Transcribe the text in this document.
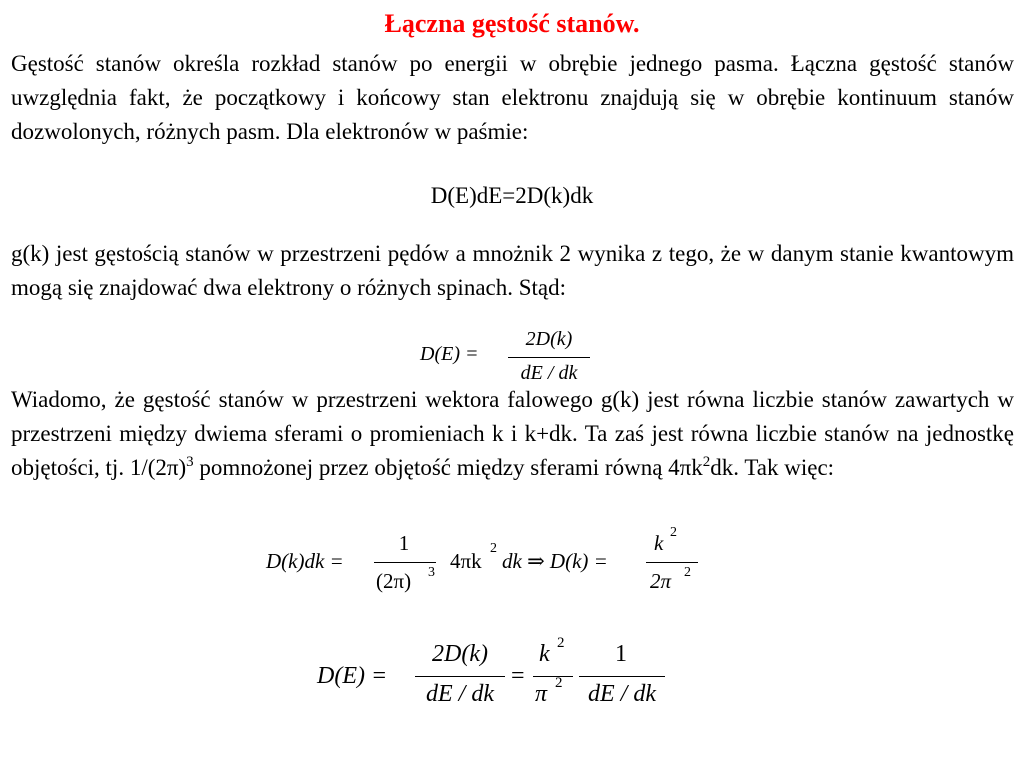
Łączna gęstość stanów.

Gęstość stanów określa rozkład stanów po energii w obrębie jednego pasma. Łączna gęstość stanów uwzględnia fakt, że początkowy i końcowy stan elektronu znajdują się w obrębie kontinuum stanów dozwolonych, różnych pasm. Dla elektronów w paśmie:

D(E)dE=2D(k)dk

g(k) jest gęstością stanów w przestrzeni pędów a mnożnik 2 wynika z tego, że w danym stanie kwantowym mogą się znajdować dwa elektrony o różnych spinach. Stąd:

D(E) =
2D(k)
dE / dk

Wiadomo, że gęstość stanów w przestrzeni wektora falowego g(k) jest równa liczbie stanów zawartych w przestrzeni między dwiema sferami o promieniach k i k+dk. Ta zaś jest równa liczbie stanów na jednostkę objętości, tj. $1/(2\pi)^3$ pomnożonej przez objętość między sferami równą $4\pi k^2dk$. Tak więc:

D(k)dk =
1
(2π) 3 4πk
2
dk ⇒ D(k) =
k 2
2π 2
D(E) =
2D(k)
dE / dk
=
k 2
π 2
1
dE / dk
